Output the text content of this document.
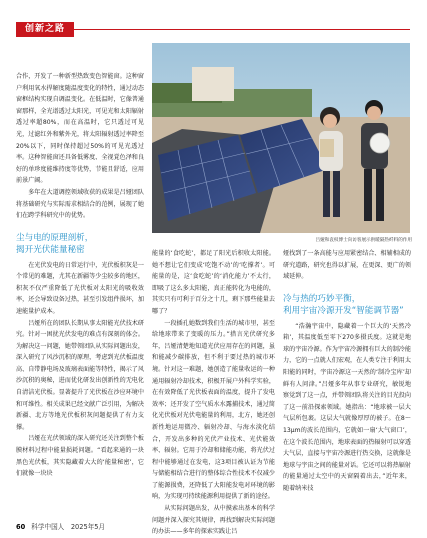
创新之路

合作，开发了一种新型热致变色智能窗。这种窗户利用氧水捍解度随温度变化的特性，通过动态窗框结构实现自调温变化。在低温时，它像普通窗那样，全光谱透过太阳光，可见光和太阳辐射透过率超80%，而在高温时，它只透过可见光，过滤红外和紫外光，将太阳辐射透过率降至20%以下，同时保持超过50%的可见光透过率。这种智能窗还具备低雾度、全视覚色泽和良好的单珍度能维持度等优势，节能且舒适，应用前景广阔。

多年在大道调控领域收获的成果是吕娅团队将基础研究与实际需求相结合的范例，展现了她们在跨学科研究中的优势。

尘与电的原理剖析，
揭开光伏能量秘密

在光伏发电的日常运行中，光伏板积灰是一个常见的难题，尤其在新疆等少尘较多的地区，积灰不仅严重降低了光伏板对太阳光的吸收效率，还会导致设备过热，甚至引发组件损坏，加速能量护成本。

吕娅所在的团队长期从事太阳能光伏技术研究。针对一困扰光伏发电的难点有深刻的体会。为解决这一问题，她带领团队从实际问题出发，深入研究了风沙沉积的原理，考虑到光伏板温度高、自带静电场及玻璃表面能等特性，揭示了风沙沉积的奥秘，进而优化研发出创新性的无电化自清洁光伏板。显著提升了光伏板在沙应环境中和可维性。相关成果已经文献广泛引用，为解决新疆、北方等地光伏板积灰问题提供了有力支撑。

吕娅在光伏领域的深入研究还关注到整个板膜材料过程中能量损耗问题。“看起来通的一块黑色光伏板，其实隐藏着大大的‘能量秘密’，它们就像一块块

吕娅和袁权博士向访客展示供暖隔热纤料的作用

能量的‘食吃蛇’，都足了阳光后积收太阳能。她不想让它们变成‘吃饱不动’的‘吃撑者’。可能量的是，这‘食吃蛇’的‘消化能力’不太行，即吸了这么多太阳能，真正能转化为电能的，其实只有可利于百分之十几，剩下那些能量去哪了？

一段插孔她数到我们生活的城市里，甚至给地球带来了变暖的压力。”措言光伏研究多年，吕娅清楚地知道光伏应用存在的问题，虽和能减少碳排放，但不利于要过热的城市环境。针对这一难题，她创造了能量收运的一种通用辐射冷却技术，积极开展户外科学实验，在有效降低了光伏板表面的温度，提升了发电效率；还开发了空气质水水露捕技术，通过简化光伏板对光伏电能量的利用，北方，她还创新性地运用微冷、辐射冷却、与海水淡化结合，开发出多种的光伏产业技术、光伏能效率、辐射。它用于冷却和储能功能，将光伏过程中能够通过在发电，这3项目被认证为节能与储能相结合进行的整体综合性技术不仅减少了能源损费，还降低了大阳能发电对环境的影响，为实现可持续能源利用提供了新的途径。

从实际问题出发，从中摸索出基本的科学问题并深入探究其规律，再找到解决实际问题的办法——多年的探索实践让吕

娅找到了一条高能与应用紧密结合、相辅相成的研究道路，研究也得以扩展，在更深、更广的领域延伸。

冷与热的巧妙平衡，
利用宇宙冷源开发“智能调节器”

“浩瀚宇宙中，隐藏着一个巨大的‘天然冷箱’，其温度低至零下270多摄氏度。这就是地球的宇宙冷源。作为宇宙冷源拥有巨大的制冷能力，它的一点就人们宏观，在人类专注于利用太阳能的同时，宇宙冷源这一天然的‘制冷宝库’却鲜有人问津。”吕娅多年从事专业研究，敏锐地察觉到了这一点，并带领团队将关注的目光投向了这一前沿探索领域。她指出：“地球被一层大气层所包裹。这层大气就像厚厚的被子。在8～13μm的波长范围内，它就如一扇‘大气窗口’，在这个波长范围内，地球表面的热辐射可以穿透大气层，直接与宇宙冷源进行热交换，这就像是地球与宇宙之间的能量对话。它还可以将热辐射的能量通过太空中的天窗隔着出去，”近年来，随着纳米技

60 科学中国人　2025年5月
